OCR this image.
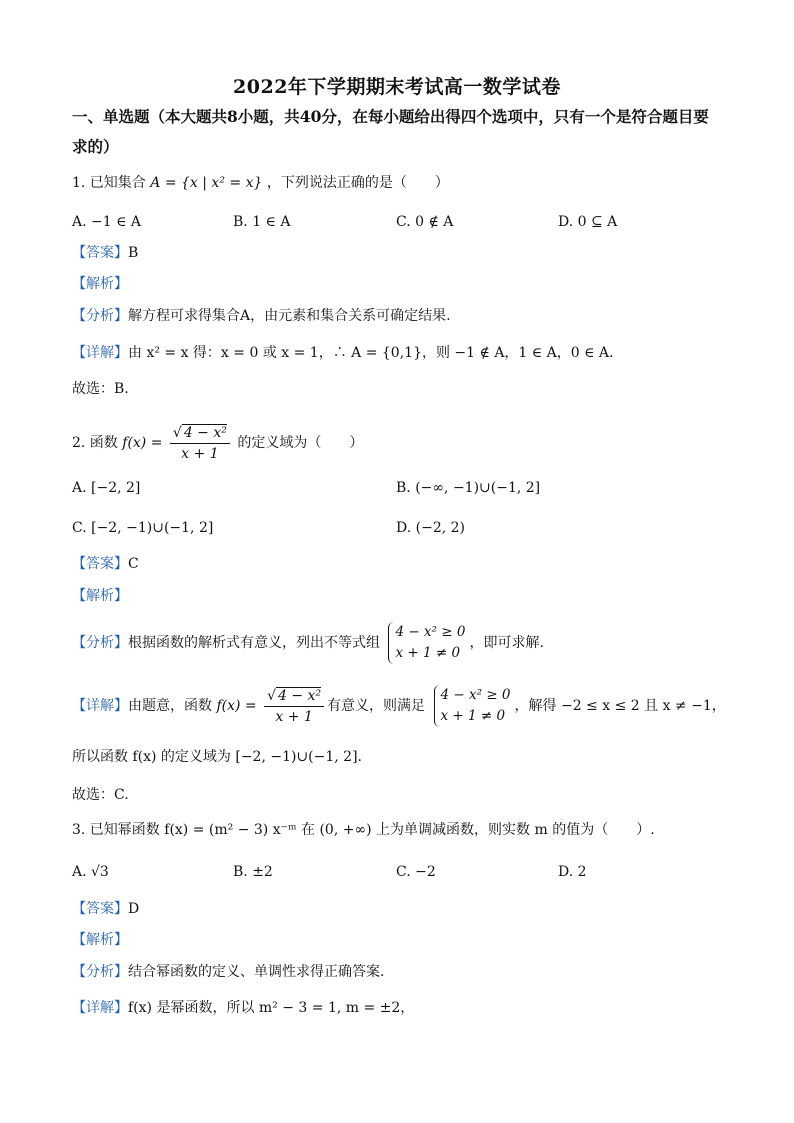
2022年下学期期末考试高一数学试卷
一、单选题（本大题共8小题，共40分，在每小题给出得四个选项中，只有一个是符合题目要求的）
1. 已知集合 A = {x | x² = x} ，下列说法正确的是（　　）
A. −1 ∈ A	B. 1 ∈ A	C. 0 ∉ A	D. 0 ⊆ A
【答案】B
【解析】
【分析】解方程可求得集合A，由元素和集合关系可确定结果.
【详解】由 x² = x 得：x = 0 或 x = 1，∴ A = {0,1}，则 −1 ∉ A，1 ∈ A，0 ∈ A.
故选：B.
2. 函数 $f(x) = \frac{\text{√ 4 − x²}}{x + 1}$ 的定义域为（　　）
A. [−2, 2]	B. (−∞, −1)∪(−1, 2]
C. [−2, −1)∪(−1, 2]	D. (−2, 2)
【答案】C
【解析】
【分析】根据函数的解析式有意义，列出不等式组
4 − x² ≥ 0
x + 1 ≠ 0
，即可求解.
【详解】由题意，函数 $f(x) = \frac{\text{√ 4 − x²}}{x + 1}$ 有意义，则满足
4 − x² ≥ 0
x + 1 ≠ 0
，解得 −2 ≤ x ≤ 2 且 x ≠ −1，
所以函数 f(x) 的定义域为 [−2, −1)∪(−1, 2].
故选：C.
3. 已知幂函数 f(x) = (m² − 3) x⁻ᵐ 在 (0, +∞) 上为单调减函数，则实数 m 的值为（　　）.
A. √3	B. ±2	C. −2	D. 2
【答案】D
【解析】
【分析】结合幂函数的定义、单调性求得正确答案.
【详解】f(x) 是幂函数，所以 m² − 3 = 1, m = ±2，
